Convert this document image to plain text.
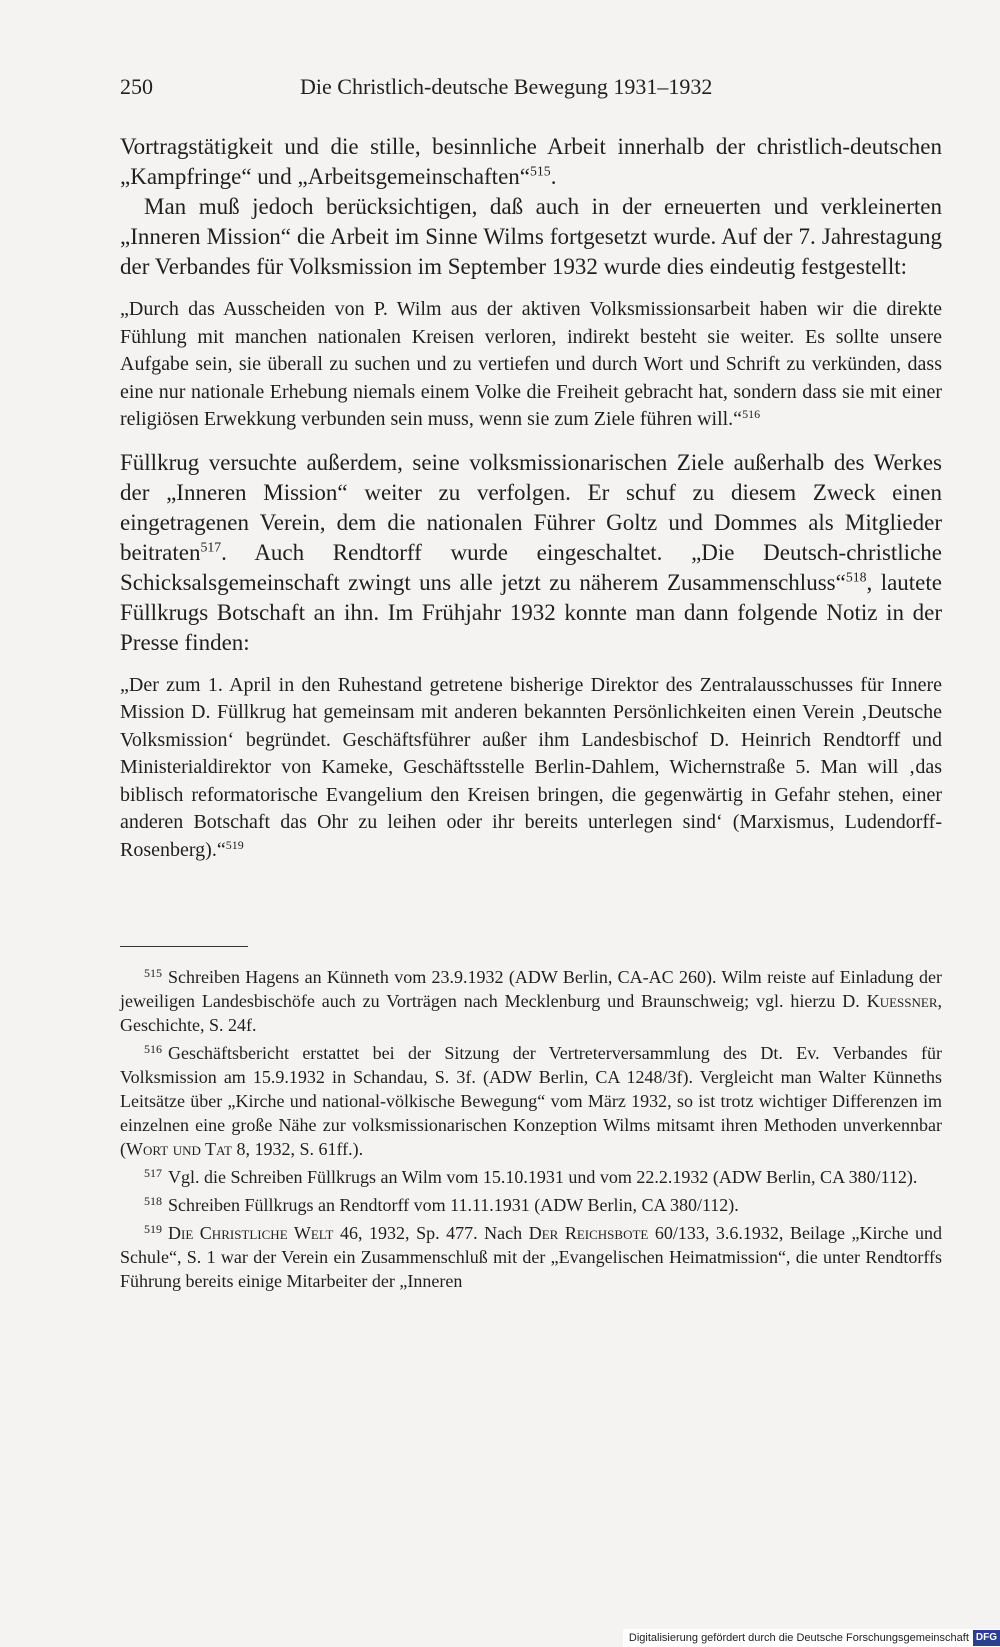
250	Die Christlich-deutsche Bewegung 1931–1932

Vortragstätigkeit und die stille, besinnliche Arbeit innerhalb der christlich-deutschen „Kampfringe“ und „Arbeitsgemeinschaften“$^{515}$.

Man muß jedoch berücksichtigen, daß auch in der erneuerten und verkleinerten „Inneren Mission“ die Arbeit im Sinne Wilms fortgesetzt wurde. Auf der 7. Jahrestagung der Verbandes für Volksmission im September 1932 wurde dies eindeutig festgestellt:

„Durch das Ausscheiden von P. Wilm aus der aktiven Volksmissionsarbeit haben wir die direkte Fühlung mit manchen nationalen Kreisen verloren, indirekt besteht sie weiter. Es sollte unsere Aufgabe sein, sie überall zu suchen und zu vertiefen und durch Wort und Schrift zu verkünden, dass eine nur nationale Erhebung niemals einem Volke die Freiheit gebracht hat, sondern dass sie mit einer religiösen Erwekkung verbunden sein muss, wenn sie zum Ziele führen will.“$^{516}$

Füllkrug versuchte außerdem, seine volksmissionarischen Ziele außerhalb des Werkes der „Inneren Mission“ weiter zu verfolgen. Er schuf zu diesem Zweck einen eingetragenen Verein, dem die nationalen Führer Goltz und Dommes als Mitglieder beitraten$^{517}$. Auch Rendtorff wurde eingeschaltet. „Die Deutsch-christliche Schicksalsgemeinschaft zwingt uns alle jetzt zu näherem Zusammenschluss“$^{518}$, lautete Füllkrugs Botschaft an ihn. Im Frühjahr 1932 konnte man dann folgende Notiz in der Presse finden:

„Der zum 1. April in den Ruhestand getretene bisherige Direktor des Zentralausschusses für Innere Mission D. Füllkrug hat gemeinsam mit anderen bekannten Persönlichkeiten einen Verein ‚Deutsche Volksmission‘ begründet. Geschäftsführer außer ihm Landesbischof D. Heinrich Rendtorff und Ministerialdirektor von Kameke, Geschäftsstelle Berlin-Dahlem, Wichernstraße 5. Man will ‚das biblisch reformatorische Evangelium den Kreisen bringen, die gegenwärtig in Gefahr stehen, einer anderen Botschaft das Ohr zu leihen oder ihr bereits unterlegen sind‘ (Marxismus, Ludendorff-Rosenberg).“$^{519}$

$^{515}$ Schreiben Hagens an Künneth vom 23.9.1932 (ADW Berlin, CA-AC 260). Wilm reiste auf Einladung der jeweiligen Landesbischöfe auch zu Vorträgen nach Mecklenburg und Braunschweig; vgl. hierzu D. Kuessner, Geschichte, S. 24f.

$^{516}$ Geschäftsbericht erstattet bei der Sitzung der Vertreterversammlung des Dt. Ev. Verbandes für Volksmission am 15.9.1932 in Schandau, S. 3f. (ADW Berlin, CA 1248/3f). Vergleicht man Walter Künneths Leitsätze über „Kirche und national-völkische Bewegung“ vom März 1932, so ist trotz wichtiger Differenzen im einzelnen eine große Nähe zur volksmissionarischen Konzeption Wilms mitsamt ihren Methoden unverkennbar (Wort und Tat 8, 1932, S. 61ff.).

$^{517}$ Vgl. die Schreiben Füllkrugs an Wilm vom 15.10.1931 und vom 22.2.1932 (ADW Berlin, CA 380/112).

$^{518}$ Schreiben Füllkrugs an Rendtorff vom 11.11.1931 (ADW Berlin, CA 380/112).

$^{519}$ Die Christliche Welt 46, 1932, Sp. 477. Nach Der Reichsbote 60/133, 3.6.1932, Beilage „Kirche und Schule“, S. 1 war der Verein ein Zusammenschluß mit der „Evangelischen Heimatmission“, die unter Rendtorffs Führung bereits einige Mitarbeiter der „Inneren

Digitalisierung gefördert durch die Deutsche Forschungsgemeinschaft DFG
